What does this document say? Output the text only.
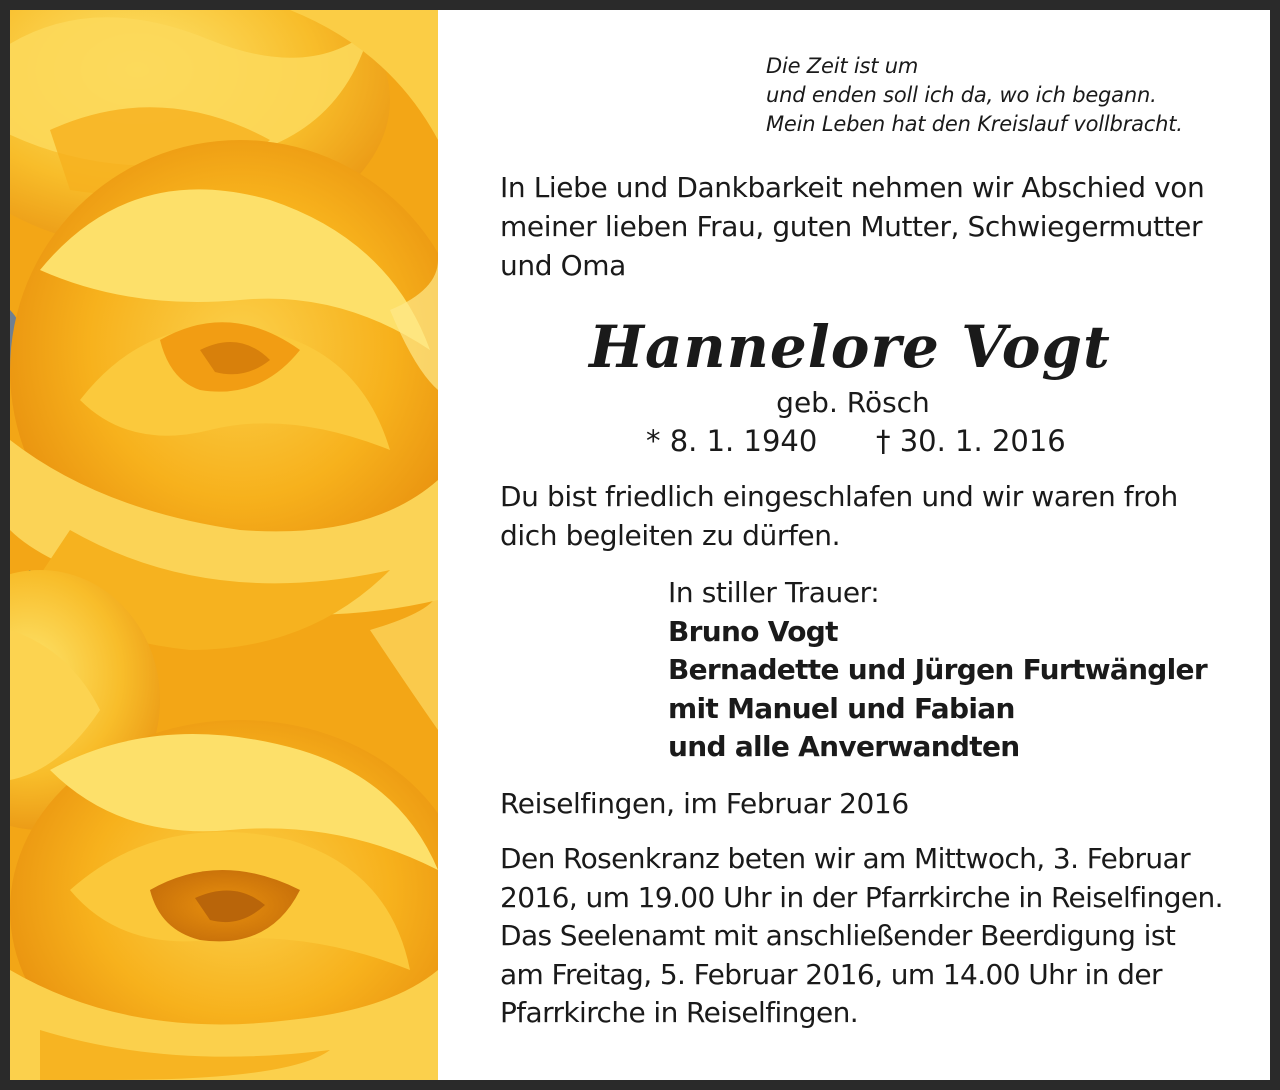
Die Zeit ist um
und enden soll ich da, wo ich begann.
Mein Leben hat den Kreislauf vollbracht.
In Liebe und Dankbarkeit nehmen wir Abschied von
meiner lieben Frau, guten Mutter, Schwiegermutter
und Oma
Hannelore Vogt
geb. Rösch
* 8. 1. 1940 † 30. 1. 2016
Du bist friedlich eingeschlafen und wir waren froh
dich begleiten zu dürfen.
In stiller Trauer:
Bruno Vogt
Bernadette und Jürgen Furtwängler
mit Manuel und Fabian
und alle Anverwandten
Reiselfingen, im Februar 2016
Den Rosenkranz beten wir am Mittwoch, 3. Februar
2016, um 19.00 Uhr in der Pfarrkirche in Reiselfingen.
Das Seelenamt mit anschließender Beerdigung ist
am Freitag, 5. Februar 2016, um 14.00 Uhr in der
Pfarrkirche in Reiselfingen.
